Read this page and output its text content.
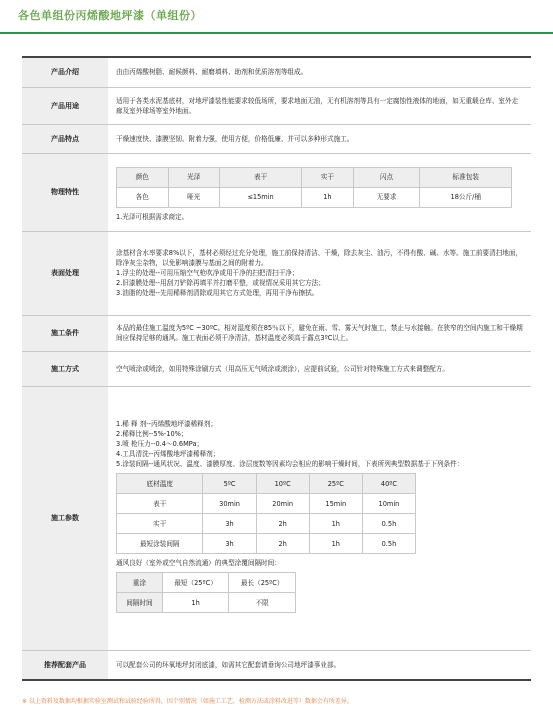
各色单组份丙烯酸地坪漆（单组份）
产品介绍	由由丙烯酸树脂、耐候颜料、耐磨填料、助剂和优质溶剂等组成。
产品用途	适用于各类水泥基底材，对地坪漆装性能要求较低场所，要求地面无油，无有机溶剂等具有一定腐蚀性液体的地面，如无重载仓库、室外走廊及室外球场等室外地面。
产品特点	干燥速度快、漆膜坚韧、附着力强，使用方便，价格低廉、并可以多种形式施工。
物理特性	
颜色	光泽	表干	实干	闪点	标准包装
各色	哑光	≤15min	1h	无要求	18公斤/桶

1.光泽可根据需求商定。

表面处理	

涂基材含水率要求8%以下，基材必须经过充分处理，施工前保持清洁、干燥，除去灰尘、油污，不得有酸、碱、水等。施工前要清扫地面，除净灰尘杂物，以免影响漆膜与基面之间的附着力。

1.浮尘的处理--可用压缩空气枪吹净或用干净的扫把清扫干净；

2.旧漆膜处理--用刮刀铲除再填平并打磨平整，或视情况采用其它方法；

3.油脂的处理--先用稀释剂清除或用其它方式处理，再用干净布擦拭。

施工条件	本品的最佳施工温度为5ºC ~30ºC。相对湿度须在85％以下，避免在雨、雪、雾天气时施工，禁止与水接触。在狭窄的空间内施工和干燥期间应保持足够的通风。施工表面必须干净清洁，基材温度必须高于露点3ºC以上。
施工方式	空气喷涂或喷涂，如用特殊涂刷方式（用高压无气喷涂或滚涂），应提前试验，公司针对特殊施工方式来调整配方。
施工参数	

1.稀 释 剂--丙烯酸地坪漆稀释剂；

2.稀释比例--5%-10%；

3.喷 枪压力--0.4～0.6MPa；

4.工具清洗--丙烯酸地坪漆稀释剂；

5.涂装间隔--通风状况、温度、漆膜厚度、涂层度数等因素均会相应的影响干燥时间，下表所列典型数据基于下列条件：

底材温度	5ºC	10ºC	25ºC	40ºC
表干	30min	20min	15min	10min
实干	3h	2h	1h	0.5h
最短涂装间隔	3h	2h	1h	0.5h

通风良好（室外或空气自然流通）的典型涂覆间隔时间：

重涂	最短（25ºC）	最长（25ºC）
间隔时间	1h	不限

推荐配套产品	可以配套公司的环氧地坪封闭底漆，如需其它配套请垂询公司地坪漆事业部。
※ 以上资料及数据均根据实验室测试和试验经验所得，因个别情况（如施工工艺，检测方法或涂料改进等）数据会有所差异。
